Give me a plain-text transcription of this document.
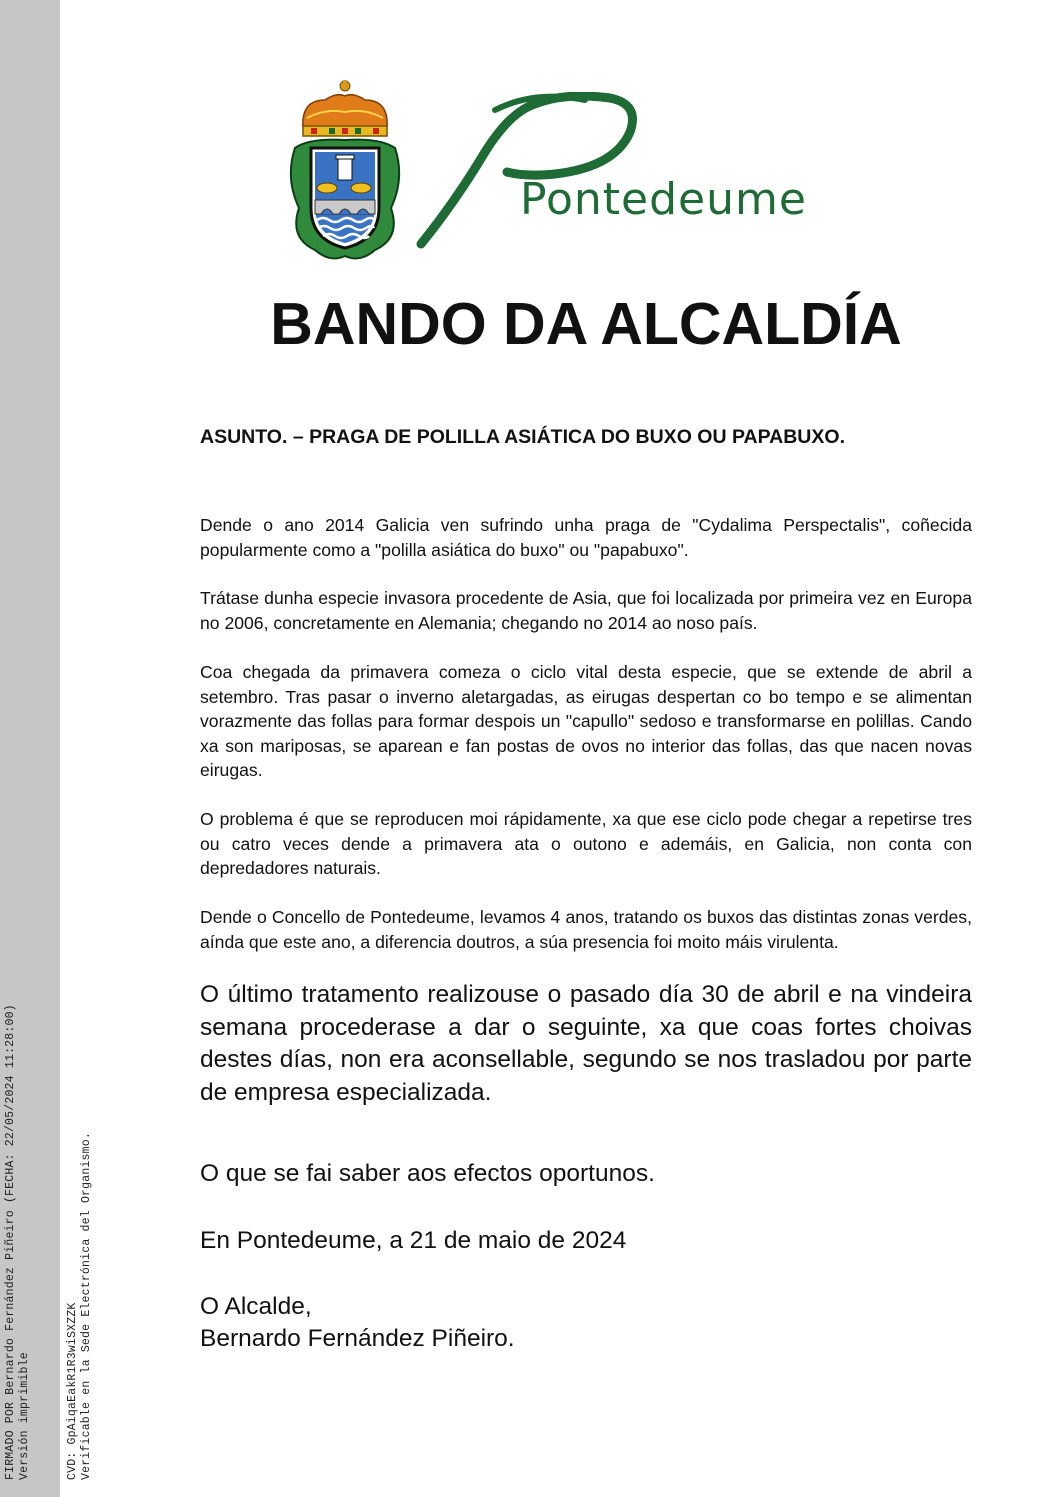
FIRMADO POR Bernardo Fernández Piñeiro (FECHA: 22/05/2024 11:28:00) Versión imprimible	CVD: GpAiqaEakR1R3wiSXZZK Verificable en la Sede Electrónica del Organismo.
Pontedeume
BANDO DA ALCALDÍA

ASUNTO. – PRAGA DE POLILLA ASIÁTICA DO BUXO OU PAPABUXO.

Dende o ano 2014 Galicia ven sufrindo unha praga de "Cydalima Perspectalis", coñecida popularmente como a "polilla asiática do buxo" ou "papabuxo".

Trátase dunha especie invasora procedente de Asia, que foi localizada por primeira vez en Europa no 2006, concretamente en Alemania; chegando no 2014 ao noso país.

Coa chegada da primavera comeza o ciclo vital desta especie, que se extende de abril a setembro. Tras pasar o inverno aletargadas, as eirugas despertan co bo tempo e se alimentan vorazmente das follas para formar despois un "capullo" sedoso e transformarse en polillas. Cando xa son mariposas, se aparean e fan postas de ovos no interior das follas, das que nacen novas eirugas.

O problema é que se reproducen moi rápidamente, xa que ese ciclo pode chegar a repetirse tres ou catro veces dende a primavera ata o outono e ademáis, en Galicia, non conta con depredadores naturais.

Dende o Concello de Pontedeume, levamos 4 anos, tratando os buxos das distintas zonas verdes, aínda que este ano, a diferencia doutros, a súa presencia foi moito máis virulenta.

O último tratamento realizouse o pasado día 30 de abril e na vindeira semana procederase a dar o seguinte, xa que coas fortes choivas destes días, non era aconsellable, segundo se nos trasladou por parte de empresa especializada.

O que se fai saber aos efectos oportunos.

En Pontedeume, a 21 de maio de 2024

O Alcalde,

Bernardo Fernández Piñeiro.
